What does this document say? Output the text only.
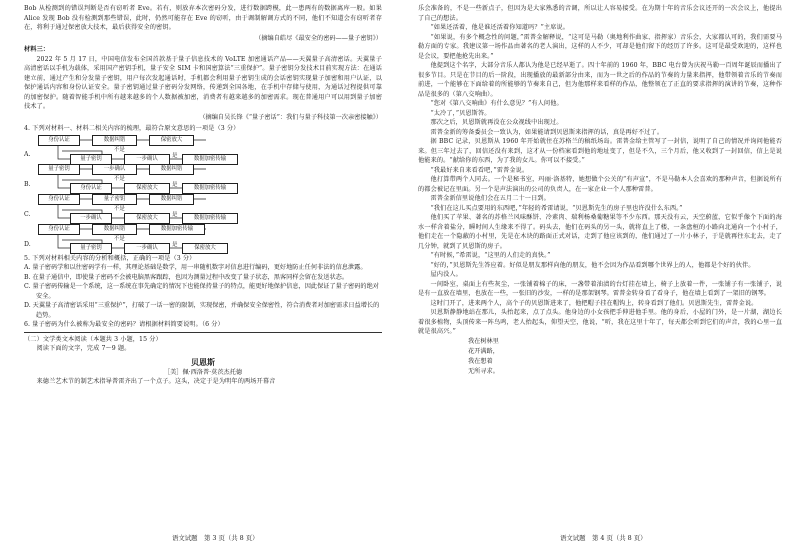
Bob 从检测到的错误判断是否有窃听者 Eve。若有，则放弃本次密码分发，进行数据跨模，此一患两有的数据离库一般。如果 Alice 发现 Bob 没有检测到那些错误，此时，仍然可能存在 Eve 的窃听，由于调制解调方式的不同，他们不知道会有窃听者存在，将利于通过保密放大技术，最后获得安全的密钥。

（摘编自皓尽《最安全的密码——量子密钥》）

材料三：

2022 年 5 月 17 日，中国电信发布全国首款基于量子信息技术的 VoLTE 加密通话产品——天翼量子高清密话。天翼量子高清密话以手机为载体，采用国产密钥手机，量子安全 SIM 卡和国密算法“三重保护”。量子密钥分发技术目前实现方法：在通话建立前，通过产生和分发量子密钥，用户每次发起通话时，手机都会利用量子密钥生成的会话密钥实现量子加密和用户认证，以保护通话内容和身份认证安全。量子密钥通过量子密码分发网络，传递到全国各地，在手机中存储与使用，为通话过程提供可靠的加密保护。随着智能手机中所有越来越多的个人数据被加密，消费者有越来越多的加密需求。现在普通用户可以用到量子加密技术了。

（摘编自吴长锋《“量子密话”：我们与量子科技第一次亲密接触》）

4. 下列对材料一、材料二相关内容的梳理，最符合原文意思的一项是（3 分）

A.
身份认证	数据纠错	保密放大
量子密钥	一步确认	数据加密传输
不是
是
B.
量子密钥	一步确认	数据纠错
身份认证	保密放大	数据加密传输
不是
是
C.
身份认证	量子密钥	数据纠错
一步确认	保密放大	数据加密传输
不是
是
D.
身份认证	数据纠错	数据加密传输
量子密钥	一步确认	保密放大
不是
是

5. 下列对材料相关内容的分析和概括，正确的一项是（3 分）

A. 量子密码学和以往密码学有一样，其理论基础是数学，用一串随机数字对信息进行编码，更好地防止任何非法的信息泄露。

B. 在量子通信中，即使量子密码不会被电脑黑客跟踪，也因为测量过程中改变了量子状态，黑客同样会留在发送状态。

C. 量子密码传输是一个系统，这一系统在事先确定的情况下也能保持量子的特点，能更好地保护信息，因此保证了量子密码的绝对安全。

D. 天翼量子高清密话采用“三重保护”，打破了一话一密的限制，实现保密，并确保安全保密性，符合消费者对加密需求日益增长的趋势。

6. 量子密码为什么被称为最安全的密码？请根据材料简要说明。（6 分）

（二）文学类文本阅读（本题共 3 小题，15 分）

阅读下面的文字，完成 7～9 题。

贝恩斯

［美］佩·西洛普·莫茨杰托德

来德兰艺术节的制艺术指导普雷齐出了一个点子。这头，决定于是为明年的两场开幕音

语文试题　第 3 页（共 8 页）

乐会准备的，不是一些新点子，但因为是大家熟悉的音调，所以让人容易接受。在为期十年的音乐会议还开的一次会议上，他提出了自己的想法。

“如果还活着，他是谁还活着你知道吗？”主席说。

“如果说，有多个概念性的问题，”雷普金解释说，“这可是马勒（奥地利作曲家、指挥家）音乐会，大家都认可的，我们需要马勒方面的专家。我建议第一场作品由著名的老人演出，这样的人不少，可却是他们留下的经历了许多。这可是最受欢迎的，这样也是会议，要把他抢先出来。”

他提到这个名字，大部分音乐人都认为他是已经早逝了。四十年前的 1960 年，BBC 电台曾为庆祝马勒一百周年诞辰而播出了很多节目。只是在节目的后一阶段，出现播放的最新部分由来，而为一世之后的作品的节奏的力量来指挥，他带领着音乐的节奏而前进，一个能够在下面给着的所能够的节奏来自己，但为他那样来看样的作品，他整领在了正直的要求指挥的演讲的节奏，这种作品是很多的（第八交响曲）。

“您对《第八交响曲》有什么意见？”有人问他。

“太冷了，”贝恩斯答。

那次之后，贝恩斯就再没在公众视线中出现过。

雷普金新的筹备委员会一致认为，如果能请到贝恩斯来指挥的话，真是再好不过了。

据 BBC 记录，贝恩斯从 1960 年开始就住在苏格兰的稿纸场岛。雷普金给主管写了一封信，说明了自己的情况并询问他能否来。但三年过去了，回信还没有来到，这才从一份档案看到他的地址变了，但是不久，三个月后，他又收到了一封回信，信上是说他能来的。“献给你的东西，为了我的女儿。你可以不接受。”

“我最好来自来看看吧，”雷普金说。

他打算带两个人同去。一个是秘书室，玛丽·洛基特，她想做个公关的“有声宣”，不是马勒本人会喜欢的那种声音，但据说所有的都会被记在里面。另一个是声法演出的公司的负责人，在一家企业一个人那种雷普。

雷普金新信里说他们会在五月二十一日到。

“我们在这儿买点要用的东西吧，”年轻的希雷请说，“贝恩斯先生的房子里也许没什么东西。”

他们买了苹果、著名的苏格兰风味酥饼、冷素肉、瑞利杨桑葡糖果等不少东西。那天没有云，天空蔚蓝，它似乎像个下面的海水一样含着盐分，瞬时间人生缘来不得了。码头去，他们在码头的另一头，就将直上了楼，一条盘桓的小路向北通向一个小村子，他们走在一个隐蔽的小村里，先是在木块的路面正式对话，走到了他应该到的，他们通过了一片小林子，于是就再往东北去，走了几分钟，就到了贝恩斯的房子。

“有时候，”希雷说，“这里的人们走的真快。”

“好的，”贝恩斯先生答应着。好似是朋友那样向他的朋友，他不会因为作品看到哪个世界上的人，他都是个好的伙伴。

屋内没人。

一间卧室，桌面上有些灰尘，一张铺着棉子的床，一盏带着油渍的台灯挂在墙上，椅子上放着一件，一张铺子有一张铺子，说是有一直放在墙里，也放在一些，一张旧的沙发，一样的是那架钢琴。雷普金转身看了看身子，他在墙上看到了一架旧的钢琴。

这时门开了，进来两个人，高个子的贝恩斯进来了，他把帽子挂在帽钩上，转身看到了他们。贝恩斯先生，雷普金说。

贝恩斯静静地站在那儿，头抬起来，点了点头。他身边的小女孩把手伸进他手里。他的身后，小屋的门外，是一片湖，湖边长着很多植物，头顶传来一阵鸟鸣，老人抬起头，仰望天空，他说，“听，我在这里十年了，每天都会听到它们的声音，我的心里一直就是很高兴。”

我在树林里

花开满路，

我在想着

无所寻求。

语文试题　第 4 页（共 8 页）
